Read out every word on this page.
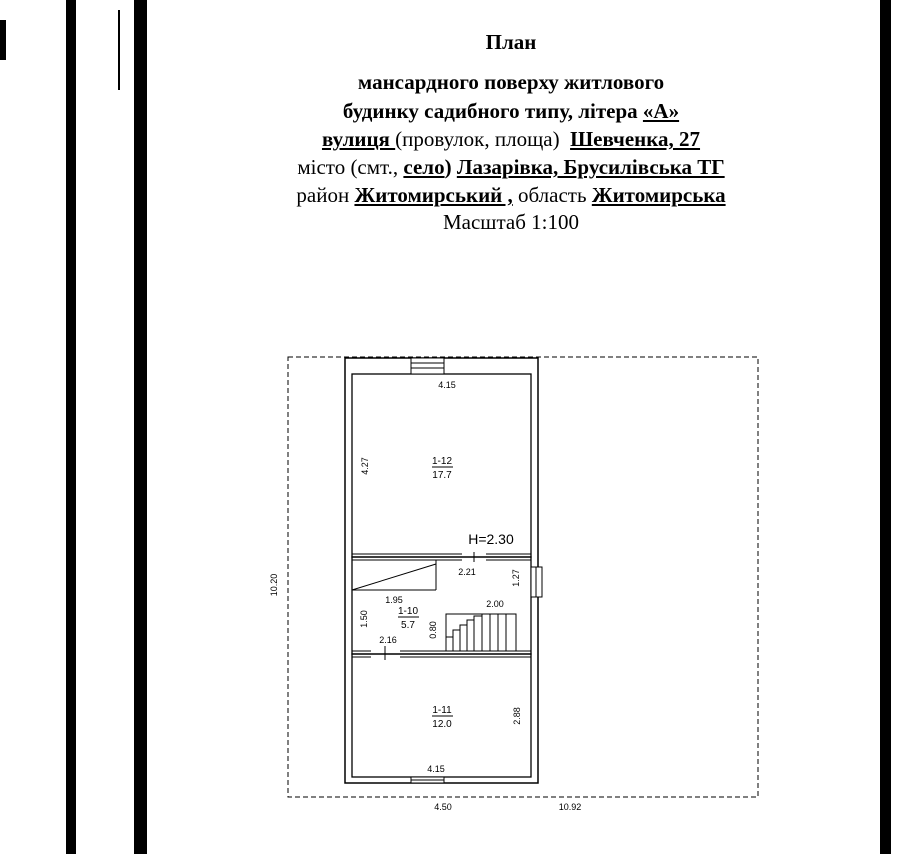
План
мансардного поверху житлового
будинку садибного типу, літера «А»
вулиця (провулок, площа) Шевченка, 27
місто (смт., село) Лазарівка, Брусилівська ТГ
район Житомирський , область Житомирська
Масштаб 1:100
1-12
17.7
1-10
5.7
1-11
12.0
4.15
4.27
H=2.30
2.21	1.27
1.95	2.00
1.50
0.80
2.16
2.88
4.15
10.20
4.50	10.92
